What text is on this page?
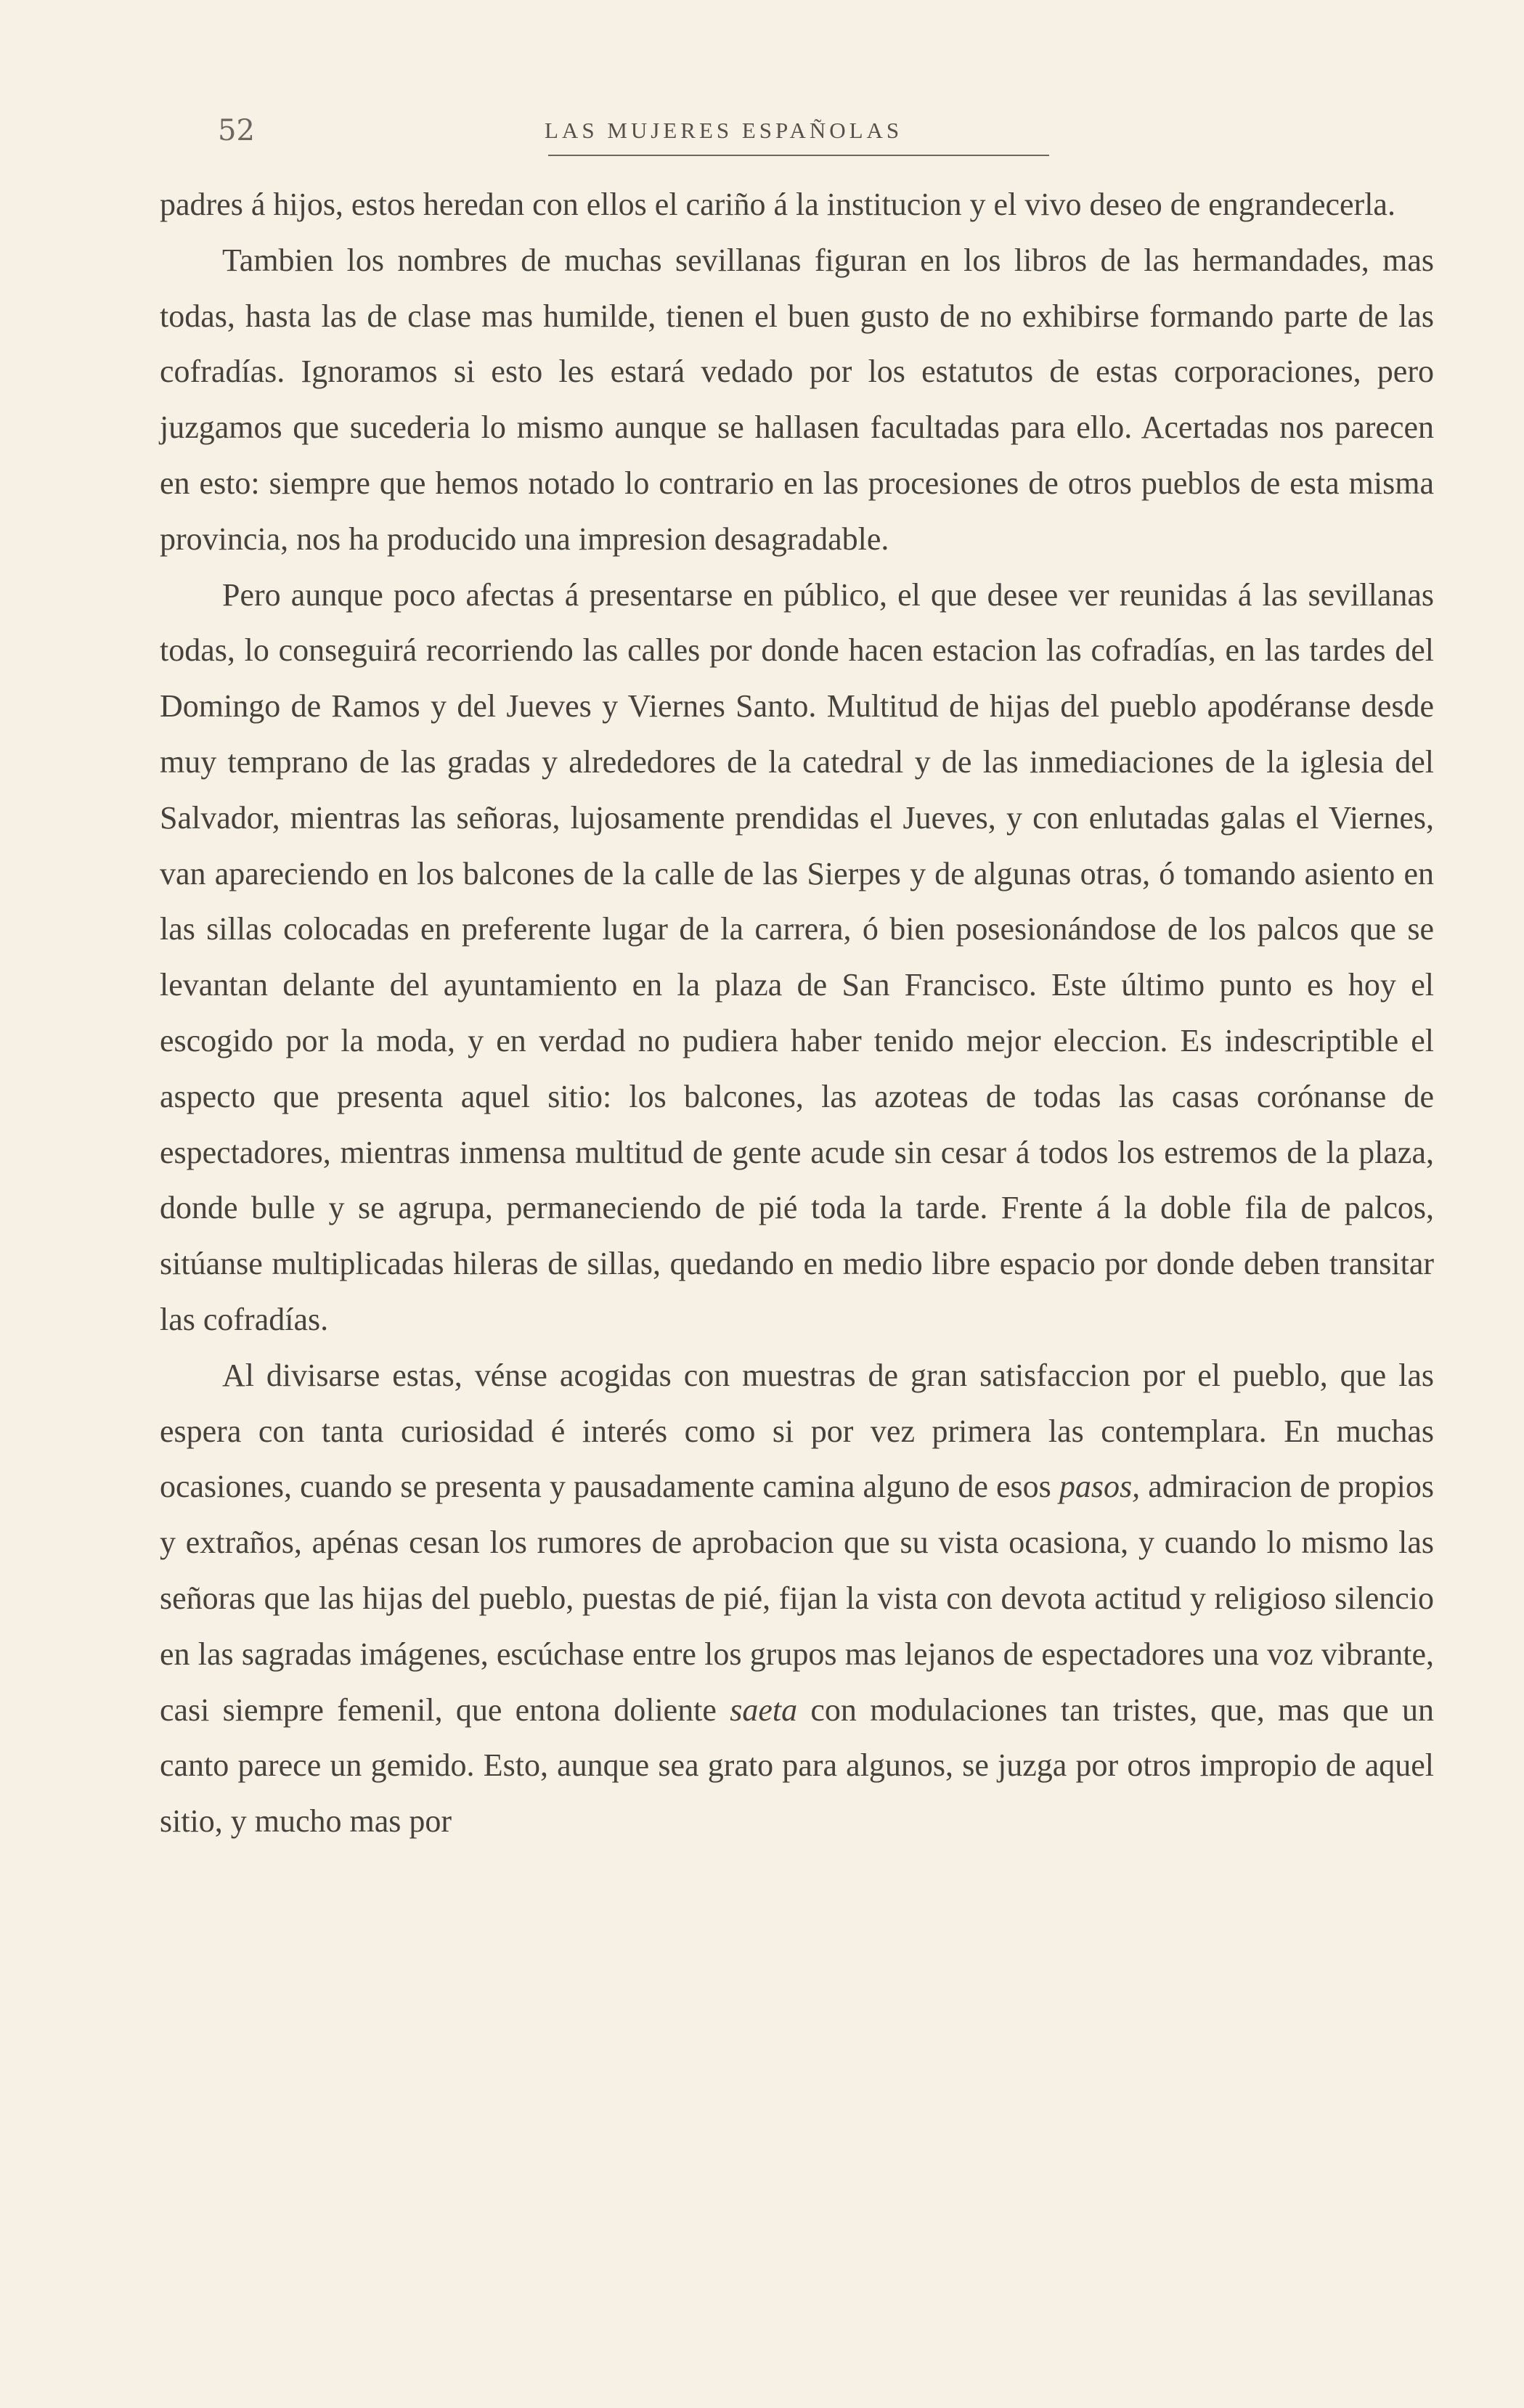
52	LAS MUJERES ESPAÑOLAS

padres á hijos, estos heredan con ellos el cariño á la institucion y el vivo deseo de engrandecerla.

Tambien los nombres de muchas sevillanas figuran en los libros de las hermandades, mas todas, hasta las de clase mas humilde, tienen el buen gusto de no exhibirse formando parte de las cofradías. Ignoramos si esto les estará vedado por los estatutos de estas corporaciones, pero juzgamos que sucederia lo mismo aunque se hallasen facultadas para ello. Acertadas nos parecen en esto: siempre que hemos notado lo contrario en las procesiones de otros pueblos de esta misma provincia, nos ha producido una impresion desagradable.

Pero aunque poco afectas á presentarse en público, el que desee ver reunidas á las sevillanas todas, lo conseguirá recorriendo las calles por donde hacen estacion las cofradías, en las tardes del Domingo de Ramos y del Jueves y Viernes Santo. Multitud de hijas del pueblo apodéranse desde muy temprano de las gradas y alrededores de la catedral y de las inmediaciones de la iglesia del Salvador, mientras las señoras, lujosamente prendidas el Jueves, y con enlutadas galas el Viernes, van apareciendo en los balcones de la calle de las Sierpes y de algunas otras, ó tomando asiento en las sillas colocadas en preferente lugar de la carrera, ó bien posesionándose de los palcos que se levantan delante del ayuntamiento en la plaza de San Francisco. Este último punto es hoy el escogido por la moda, y en verdad no pudiera haber tenido mejor eleccion. Es indescriptible el aspecto que presenta aquel sitio: los balcones, las azoteas de todas las casas corónanse de espectadores, mientras inmensa multitud de gente acude sin cesar á todos los estremos de la plaza, donde bulle y se agrupa, permaneciendo de pié toda la tarde. Frente á la doble fila de palcos, sitúanse multiplicadas hileras de sillas, quedando en medio libre espacio por donde deben transitar las cofradías.

Al divisarse estas, vénse acogidas con muestras de gran satisfaccion por el pueblo, que las espera con tanta curiosidad é interés como si por vez primera las contemplara. En muchas ocasiones, cuando se presenta y pausadamente camina alguno de esos pasos, admiracion de propios y extraños, apénas cesan los rumores de aprobacion que su vista ocasiona, y cuando lo mismo las señoras que las hijas del pueblo, puestas de pié, fijan la vista con devota actitud y religioso silencio en las sagradas imágenes, escúchase entre los grupos mas lejanos de espectadores una voz vibrante, casi siempre femenil, que entona doliente saeta con modulaciones tan tristes, que, mas que un canto parece un gemido. Esto, aunque sea grato para algunos, se juzga por otros impropio de aquel sitio, y mucho mas por
